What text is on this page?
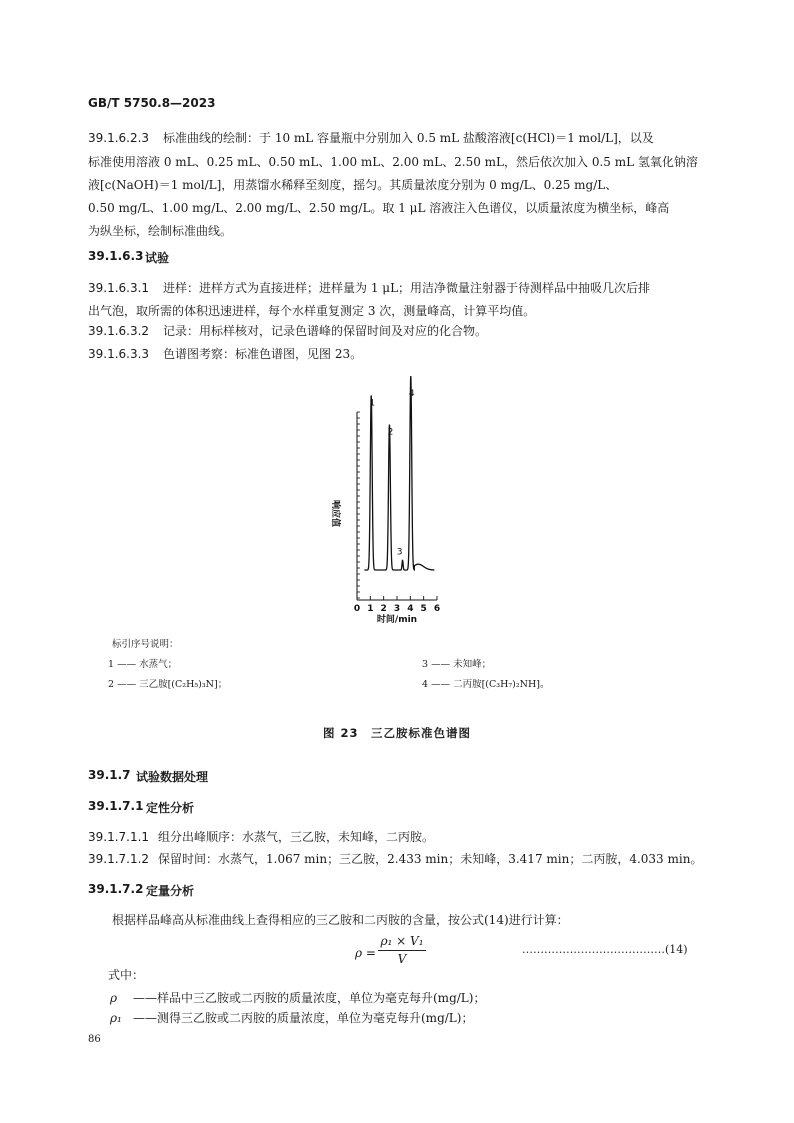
GB/T 5750.8—2023
39.1.6.2.3 标准曲线的绘制：于 10 mL 容量瓶中分别加入 0.5 mL 盐酸溶液[c(HCl)＝1 mol/L]，以及
标准使用溶液 0 mL、0.25 mL、0.50 mL、1.00 mL、2.00 mL、2.50 mL，然后依次加入 0.5 mL 氢氧化钠溶
液[c(NaOH)＝1 mol/L]，用蒸馏水稀释至刻度，摇匀。其质量浓度分别为 0 mg/L、0.25 mg/L、
0.50 mg/L、1.00 mg/L、2.00 mg/L、2.50 mg/L。取 1 μL 溶液注入色谱仪，以质量浓度为横坐标，峰高
为纵坐标，绘制标准曲线。
39.1.6.3 试验
39.1.6.3.1 进样：进样方式为直接进样；进样量为 1 μL；用洁净微量注射器于待测样品中抽吸几次后排
出气泡，取所需的体积迅速进样，每个水样重复测定 3 次，测量峰高，计算平均值。
39.1.6.3.2 记录：用标样核对，记录色谱峰的保留时间及对应的化合物。
39.1.6.3.3 色谱图考察：标准色谱图，见图 23。
1
2
3
4
0 1 2 3 4 5 6
响应值
时间/min
标引序号说明：
1 —— 水蒸气；
2 —— 三乙胺[(C₂H₅)₃N]；
3 —— 未知峰；
4 —— 二丙胺[(C₃H₇)₂NH]。
图 23　三乙胺标准色谱图
39.1.7 试验数据处理
39.1.7.1 定性分析
39.1.7.1.1 组分出峰顺序：水蒸气，三乙胺，未知峰，二丙胺。
39.1.7.1.2 保留时间：水蒸气，1.067 min；三乙胺，2.433 min；未知峰，3.417 min；二丙胺，4.033 min。
39.1.7.2 定量分析
根据样品峰高从标准曲线上查得相应的三乙胺和二丙胺的含量，按公式(14)进行计算：
ρ =
ρ₁ × V₁
V
…………………………………(14)
式中：
ρ ——样品中三乙胺或二丙胺的质量浓度，单位为毫克每升(mg/L)；
ρ₁ ——测得三乙胺或二丙胺的质量浓度，单位为毫克每升(mg/L)；
86
